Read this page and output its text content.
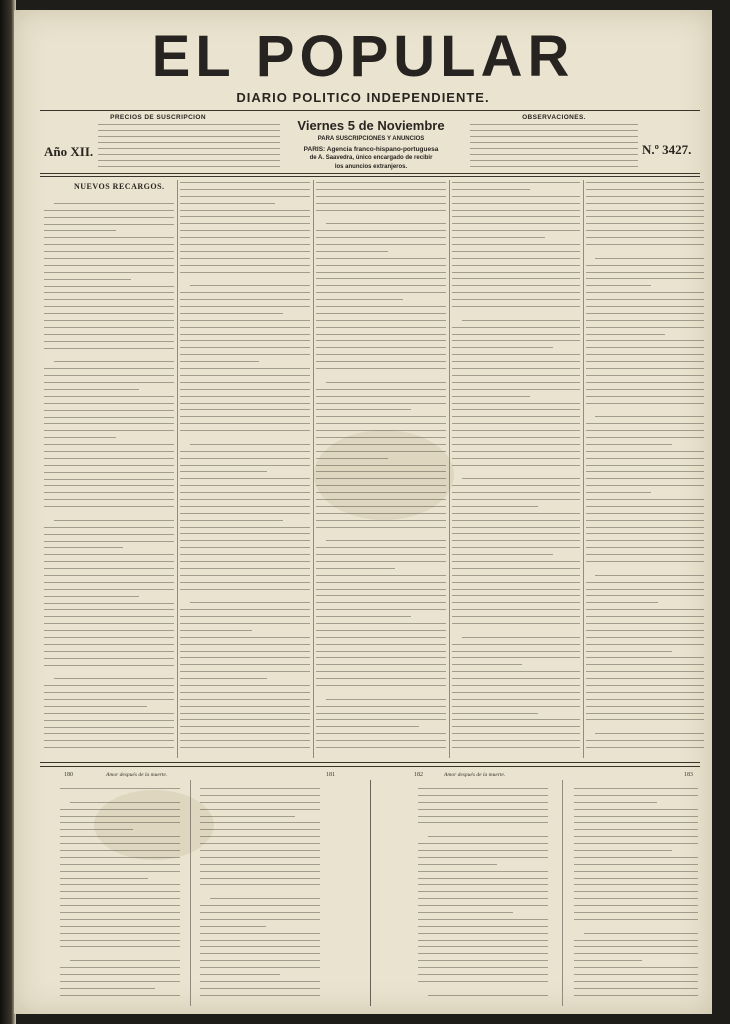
EL POPULAR
DIARIO POLITICO INDEPENDIENTE.
Año XII.
PRECIOS DE SUSCRIPCION
Viernes 5 de Noviembre
PARA SUSCRIPCIONES Y ANUNCIOS
PARIS: Agencia franco-hispano-portuguesa
de A. Saavedra, único encargado de recibir
los anuncios extranjeros.
OBSERVACIONES.
N.º 3427.
NUEVOS RECARGOS.
180	Amor después de la muerte.	181	182	Amor después de la muerte.	183
